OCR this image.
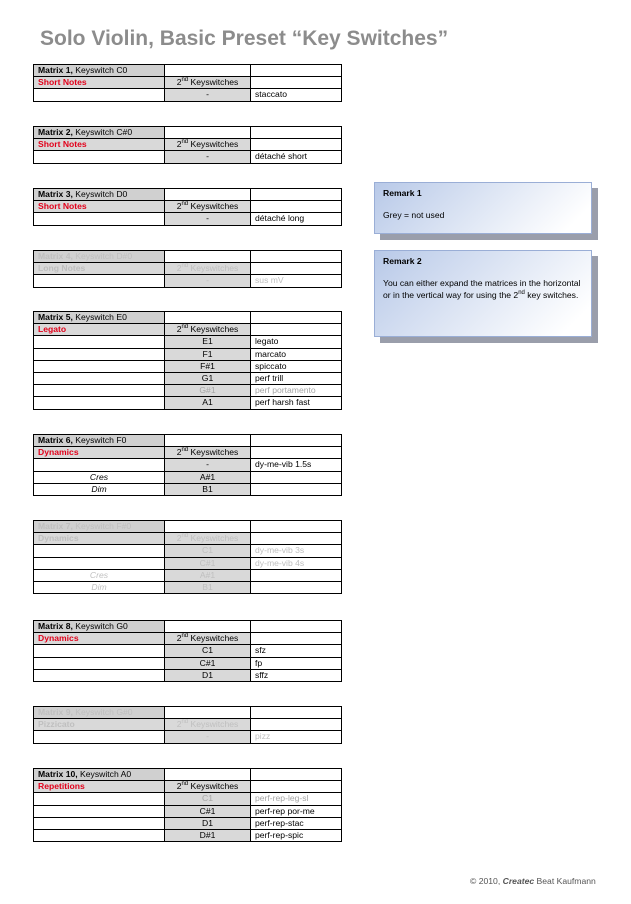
Solo Violin, Basic Preset “Key Switches”
Matrix 1, Keyswitch C0		
Short Notes	2nd Keyswitches	
	-	staccato
Matrix 2, Keyswitch C#0		
Short Notes	2nd Keyswitches	
	-	détaché short
Matrix 3, Keyswitch D0		
Short Notes	2nd Keyswitches	
	-	détaché long
Matrix 4, Keyswitch D#0		
Long Notes	2nd Keyswitches	
	-	sus mV
Matrix 5, Keyswitch E0		
Legato	2nd Keyswitches	
	E1	legato
	F1	marcato
	F#1	spiccato
	G1	perf trill
	G#1	perf portamento
	A1	perf harsh fast
Matrix 6, Keyswitch F0		
Dynamics	2nd Keyswitches	
	-	dy-me-vib 1.5s
Cres	A#1	
Dim	B1	
Matrix 7, Keyswitch F#0		
Dynamics	2nd Keyswitches	
	C1	dy-me-vib 3s
	C#1	dy-me-vib 4s
Cres	A#1	
Dim	B1	
Matrix 8, Keyswitch G0		
Dynamics	2nd Keyswitches	
	C1	sfz
	C#1	fp
	D1	sffz
Matrix 9, Keyswitch G#0		
Pizzicato	2nd Keyswitches	
	-	pizz
Matrix 10, Keyswitch A0		
Repetitions	2nd Keyswitches	
	C1	perf-rep-leg-sl
	C#1	perf-rep por-me
	D1	perf-rep-stac
	D#1	perf-rep-spic
Remark 1
Grey = not used
Remark 2
You can either expand the matrices in the horizontal or in the vertical way for using the 2nd key switches.
© 2010, Createc Beat Kaufmann
